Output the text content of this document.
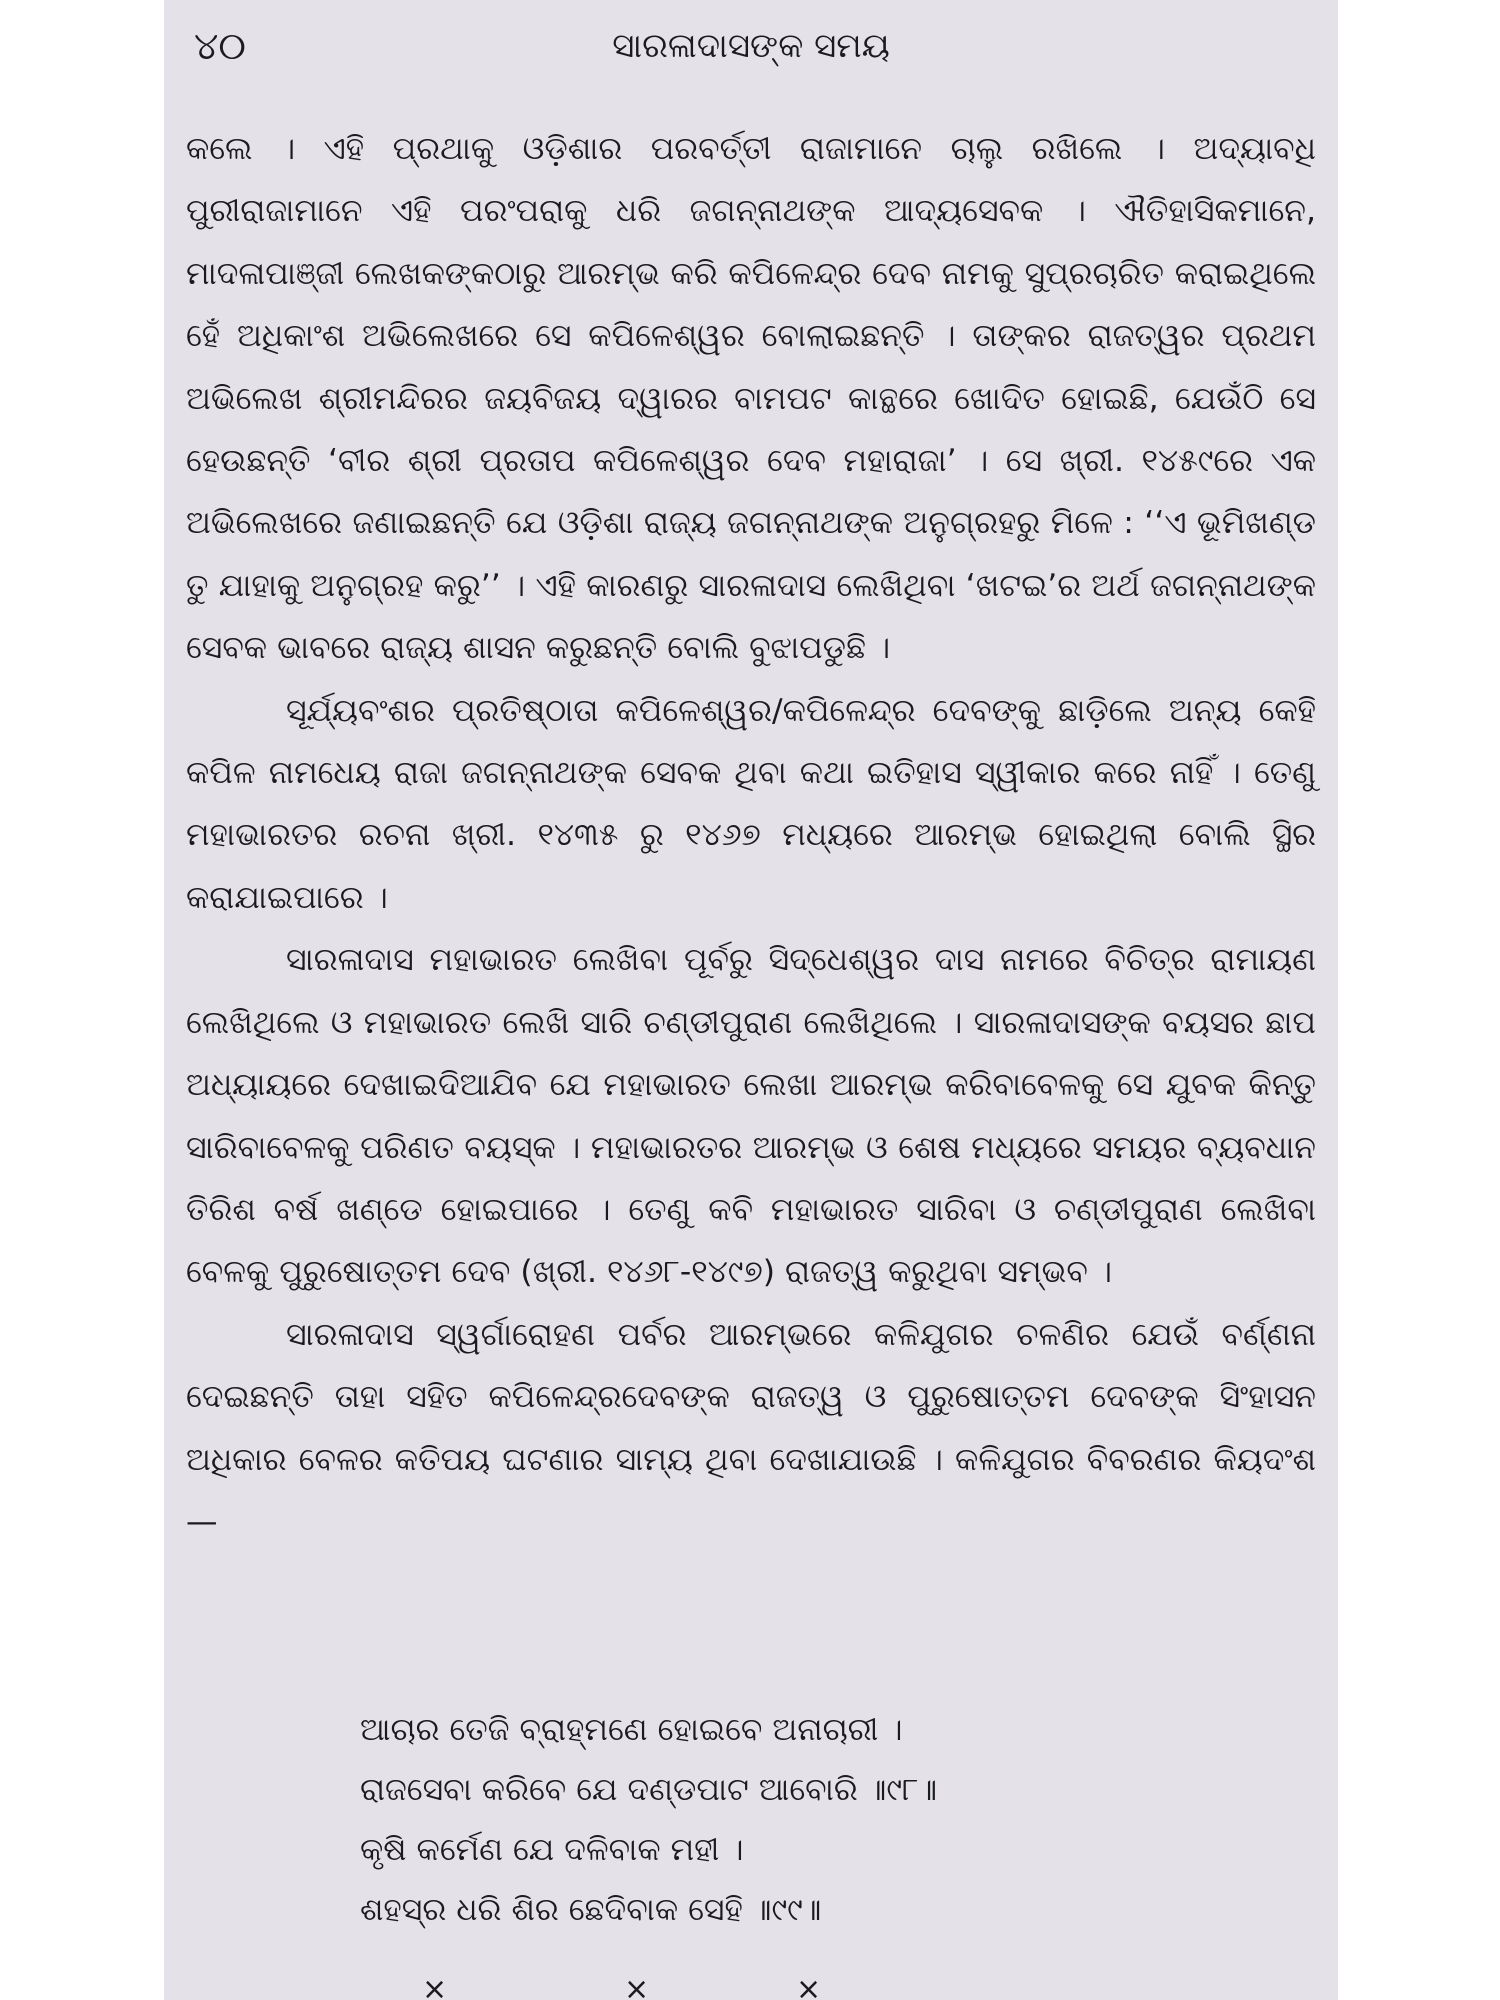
୪୦	ସାରଳାଦାସଙ୍କ ସମୟ

କଲେ । ଏହି ପ୍ରଥାକୁ ଓଡ଼ିଶାର ପରବର୍ତ୍ତୀ ରାଜାମାନେ ଚାଲୁ ରଖିଲେ । ଅଦ୍ୟାବଧି ପୁରୀରାଜାମାନେ ଏହି ପରଂପରାକୁ ଧରି ଜଗନ୍ନାଥଙ୍କ ଆଦ୍ୟସେବକ । ଐତିହାସିକମାନେ, ମାଦଳାପାଞ୍ଜୀ ଲେଖକଙ୍କଠାରୁ ଆରମ୍ଭ କରି କପିଳେନ୍ଦ୍ର ଦେବ ନାମକୁ ସୁପ୍ରଚାରିତ କରାଇଥିଲେ ହେଁ ଅଧିକାଂଶ ଅଭିଲେଖରେ ସେ କପିଳେଶ୍ୱର ବୋଲାଇଛନ୍ତି । ତାଙ୍କର ରାଜତ୍ୱର ପ୍ରଥମ ଅଭିଲେଖ ଶ୍ରୀମନ୍ଦିରର ଜୟବିଜୟ ଦ୍ୱାରର ବାମପଟ କାନ୍ଥରେ ଖୋଦିତ ହୋଇଛି, ଯେଉଁଠି ସେ ହେଉଛନ୍ତି ‘ବୀର ଶ୍ରୀ ପ୍ରତାପ କପିଳେଶ୍ୱର ଦେବ ମହାରାଜା’ । ସେ ଖ୍ରୀ. ୧୪୫୯ରେ ଏକ ଅଭିଲେଖରେ ଜଣାଇଛନ୍ତି ଯେ ଓଡ଼ିଶା ରାଜ୍ୟ ଜଗନ୍ନାଥଙ୍କ ଅନୁଗ୍ରହରୁ ମିଳେ : ‘‘ଏ ଭୂମିଖଣ୍ଡ ତୁ ଯାହାକୁ ଅନୁଗ୍ରହ କରୁ’’ । ଏହି କାରଣରୁ ସାରଳାଦାସ ଲେଖିଥିବା ‘ଖଟଇ’ର ଅର୍ଥ ଜଗନ୍ନାଥଙ୍କ ସେବକ ଭାବରେ ରାଜ୍ୟ ଶାସନ କରୁଛନ୍ତି ବୋଲି ବୁଝାପଡୁଛି ।

ସୂର୍ଯ୍ୟବଂଶର ପ୍ରତିଷ୍ଠାତା କପିଳେଶ୍ୱର/କପିଳେନ୍ଦ୍ର ଦେବଙ୍କୁ ଛାଡ଼ିଲେ ଅନ୍ୟ କେହି କପିଳ ନାମଧେୟ ରାଜା ଜଗନ୍ନାଥଙ୍କ ସେବକ ଥିବା କଥା ଇତିହାସ ସ୍ୱୀକାର କରେ ନାହିଁ । ତେଣୁ ମହାଭାରତର ରଚନା ଖ୍ରୀ. ୧୪୩୫ ରୁ ୧୪୬୭ ମଧ୍ୟରେ ଆରମ୍ଭ ହୋଇଥିଲା ବୋଲି ସ୍ଥିର କରାଯାଇପାରେ ।

ସାରଳାଦାସ ମହାଭାରତ ଲେଖିବା ପୂର୍ବରୁ ସିଦ୍ଧେଶ୍ୱର ଦାସ ନାମରେ ବିଚିତ୍ର ରାମାୟଣ ଲେଖିଥିଲେ ଓ ମହାଭାରତ ଲେଖି ସାରି ଚଣ୍ଡୀପୁରାଣ ଲେଖିଥିଲେ । ସାରଳାଦାସଙ୍କ ବୟସର ଛାପ ଅଧ୍ୟାୟରେ ଦେଖାଇଦିଆଯିବ ଯେ ମହାଭାରତ ଲେଖା ଆରମ୍ଭ କରିବାବେଳକୁ ସେ ଯୁବକ କିନ୍ତୁ ସାରିବାବେଳକୁ ପରିଣତ ବୟସ୍କ । ମହାଭାରତର ଆରମ୍ଭ ଓ ଶେଷ ମଧ୍ୟରେ ସମୟର ବ୍ୟବଧାନ ତିରିଶ ବର୍ଷ ଖଣ୍ଡେ ହୋଇପାରେ । ତେଣୁ କବି ମହାଭାରତ ସାରିବା ଓ ଚଣ୍ଡୀପୁରାଣ ଲେଖିବା ବେଳକୁ ପୁରୁଷୋତ୍ତମ ଦେବ (ଖ୍ରୀ. ୧୪୬୮-୧୪୯୭) ରାଜତ୍ୱ କରୁଥିବା ସମ୍ଭବ ।

ସାରଳାଦାସ ସ୍ୱର୍ଗାରୋହଣ ପର୍ବର ଆରମ୍ଭରେ କଳିଯୁଗର ଚଳଣିର ଯେଉଁ ବର୍ଣ୍ଣନା ଦେଇଛନ୍ତି ତାହା ସହିତ କପିଳେନ୍ଦ୍ରଦେବଙ୍କ ରାଜତ୍ୱ ଓ ପୁରୁଷୋତ୍ତମ ଦେବଙ୍କ ସିଂହାସନ ଅଧିକାର ବେଳର କତିପୟ ଘଟଣାର ସାମ୍ୟ ଥିବା ଦେଖାଯାଉଛି । କଳିଯୁଗର ବିବରଣର କିୟଦଂଶ —

ଆଚାର ତେଜି ବ୍ରାହ୍ମଣେ ହୋଇବେ ଅନାଚାରୀ ।
ରାଜସେବା କରିବେ ଯେ ଦଣ୍ଡପାଟ ଆବୋରି ॥୯୮॥
କୃଷି କର୍ମେଣ ଯେ ଦଳିବାକ ମହୀ ।
ଶହସ୍ର ଧରି ଶିର ଛେଦିବାକ ସେହି ॥୯୯॥
×	×	×
